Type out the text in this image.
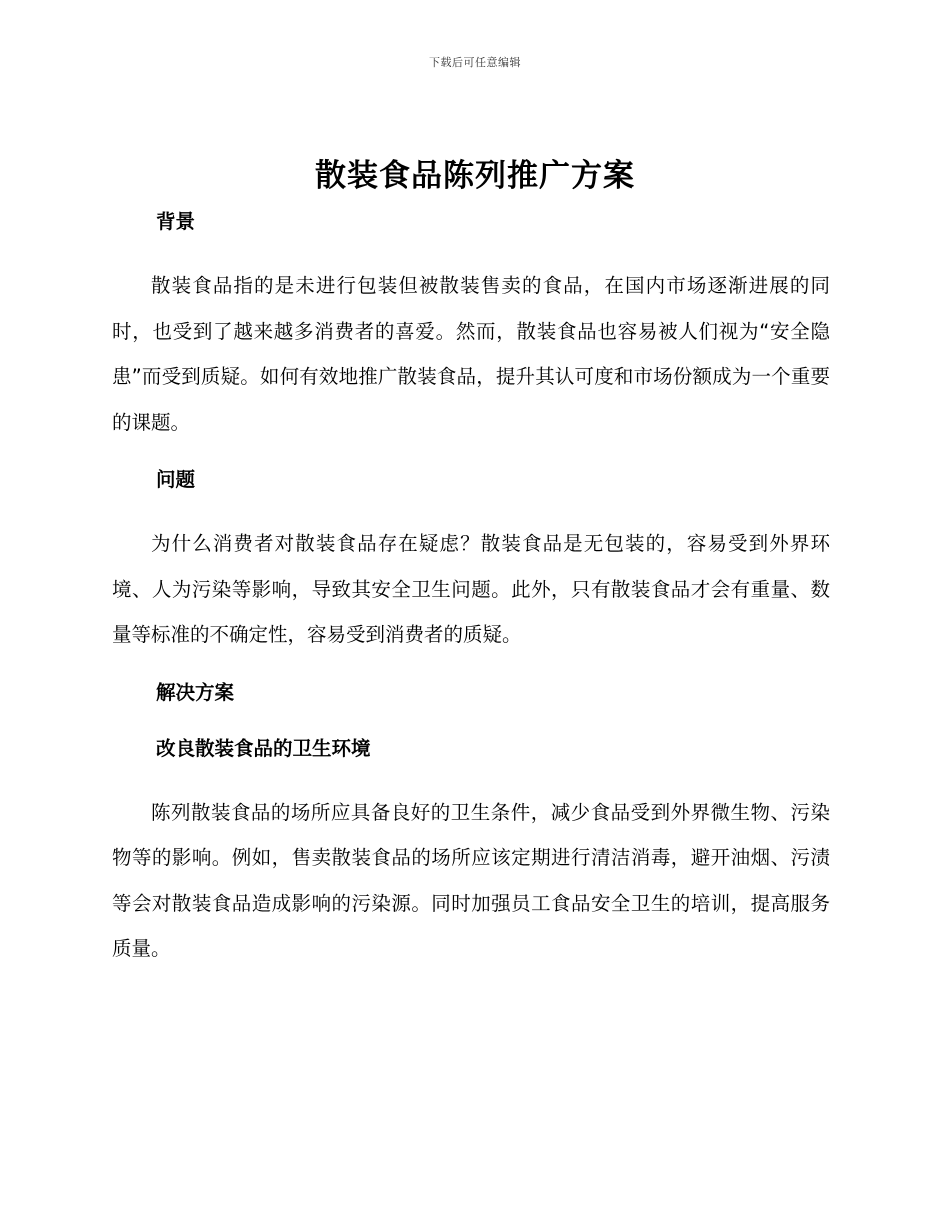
下载后可任意编辑
散装食品陈列推广方案
背景

散装食品指的是未进行包装但被散装售卖的食品，在国内市场逐渐进展的同时，也受到了越来越多消费者的喜爱。然而，散装食品也容易被人们视为“安全隐患”而受到质疑。如何有效地推广散装食品，提升其认可度和市场份额成为一个重要的课题。

问题

为什么消费者对散装食品存在疑虑？散装食品是无包装的，容易受到外界环境、人为污染等影响，导致其安全卫生问题。此外，只有散装食品才会有重量、数量等标准的不确定性，容易受到消费者的质疑。

解决方案
改良散装食品的卫生环境

陈列散装食品的场所应具备良好的卫生条件，减少食品受到外界微生物、污染物等的影响。例如，售卖散装食品的场所应该定期进行清洁消毒，避开油烟、污渍等会对散装食品造成影响的污染源。同时加强员工食品安全卫生的培训，提高服务质量。
